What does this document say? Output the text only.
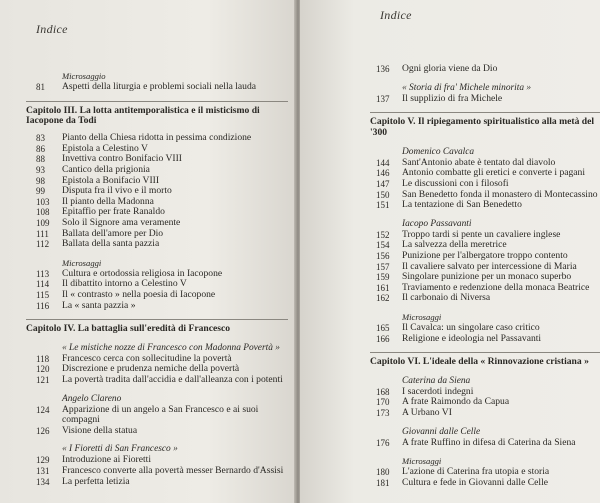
Indice
Microsaggio
81	Aspetti della liturgia e problemi sociali nella lauda
Capitolo III. La lotta antitemporalistica e il misticismo di Iacopone da Todi
83	Pianto della Chiesa ridotta in pessima condizione
86	Epistola a Celestino V
88	Invettiva contro Bonifacio VIII
93	Cantico della prigionia
98	Epistola a Bonifacio VIII
99	Disputa fra il vivo e il morto
103	Il pianto della Madonna
108	Epitaffio per frate Ranaldo
109	Solo il Signore ama veramente
111	Ballata dell'amore per Dio
112	Ballata della santa pazzia
Microsaggi
113	Cultura e ortodossia religiosa in Iacopone
114	Il dibattito intorno a Celestino V
115	Il « contrasto » nella poesia di Iacopone
116	La « santa pazzia »
Capitolo IV. La battaglia sull'eredità di Francesco
« Le mistiche nozze di Francesco con Madonna Povertà »
118	Francesco cerca con sollecitudine la povertà
120	Discrezione e prudenza nemiche della povertà
121	La povertà tradita dall'accidia e dall'alleanza con i potenti
Angelo Clareno
124	Apparizione di un angelo a San Francesco e ai suoi compagni
126	Visione della statua
« I Fioretti di San Francesco »
129	Introduzione ai Fioretti
131	Francesco converte alla povertà messer Bernardo d'Assisi
134	La perfetta letizia
Indice
136	Ogni gloria viene da Dio
« Storia di fra' Michele minorita »
137	Il supplizio di fra Michele
Capitolo V. Il ripiegamento spiritualistico alla metà del '300
Domenico Cavalca
144	Sant'Antonio abate è tentato dal diavolo
146	Antonio combatte gli eretici e converte i pagani
147	Le discussioni con i filosofi
150	San Benedetto fonda il monastero di Montecassino
151	La tentazione di San Benedetto
Iacopo Passavanti
152	Troppo tardi si pente un cavaliere inglese
154	La salvezza della meretrice
156	Punizione per l'albergatore troppo contento
157	Il cavaliere salvato per intercessione di Maria
159	Singolare punizione per un monaco superbo
161	Traviamento e redenzione della monaca Beatrice
162	Il carbonaio di Niversa
Microsaggi
165	Il Cavalca: un singolare caso critico
166	Religione e ideologia nel Passavanti
Capitolo VI. L'ideale della « Rinnovazione cristiana »
Caterina da Siena
168	I sacerdoti indegni
170	A frate Raimondo da Capua
173	A Urbano VI
Giovanni dalle Celle
176	A frate Ruffino in difesa di Caterina da Siena
Microsaggi
180	L'azione di Caterina fra utopia e storia
181	Cultura e fede in Giovanni dalle Celle
